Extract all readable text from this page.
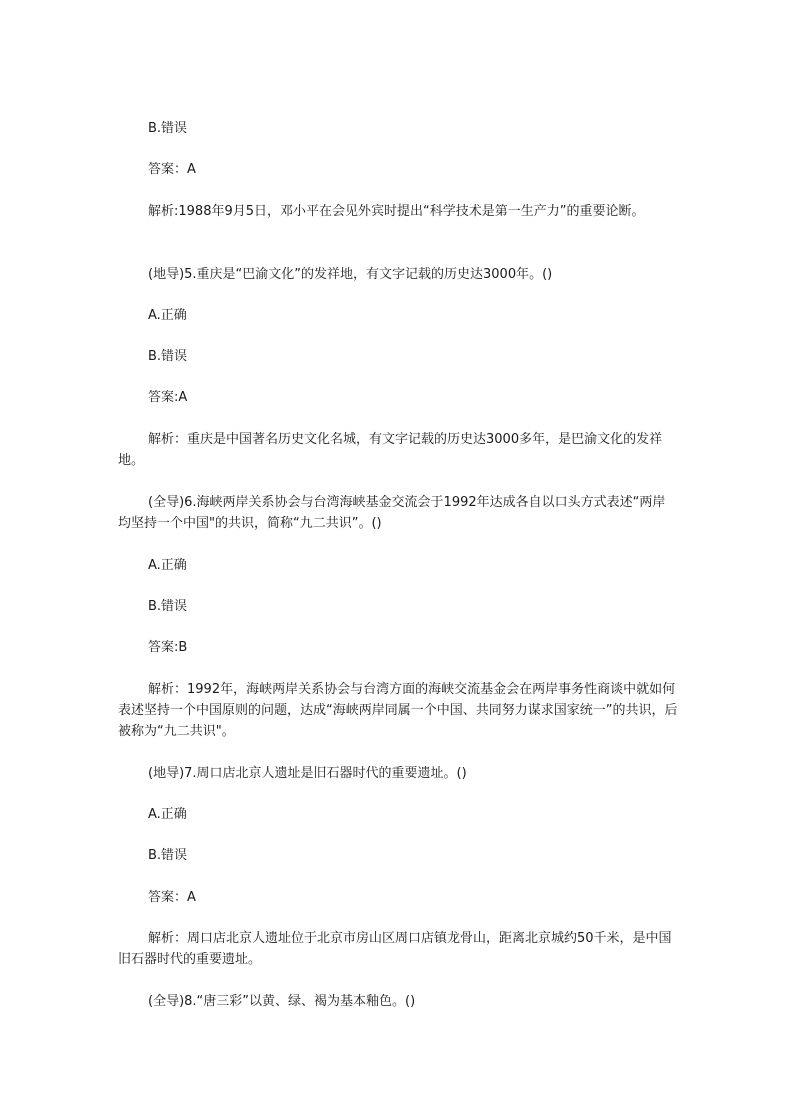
B.错误

答案：A

解析:1988年9月5日，邓小平在会见外宾时提出“科学技术是第一生产力”的重要论断。

(地导)5.重庆是“巴渝文化”的发祥地，有文字记载的历史达3000年。()

A.正确

B.错误

答案:A

解析：重庆是中国著名历史文化名城，有文字记载的历史达3000多年，是巴渝文化的发祥地。

(全导)6.海峡两岸关系协会与台湾海峡基金交流会于1992年达成各自以口头方式表述“两岸均坚持一个中国"的共识，简称“九二共识”。()

A.正确

B.错误

答案:B

解析：1992年，海峡两岸关系协会与台湾方面的海峡交流基金会在两岸事务性商谈中就如何表述坚持一个中国原则的问题，达成“海峡两岸同属一个中国、共同努力谋求国家统一”的共识，后被称为“九二共识"。

(地导)7.周口店北京人遗址是旧石器时代的重要遗址。()

A.正确

B.错误

答案：A

解析：周口店北京人遗址位于北京市房山区周口店镇龙骨山，距离北京城约50千米，是中国旧石器时代的重要遗址。

(全导)8.“唐三彩”以黄、绿、褐为基本釉色。()
